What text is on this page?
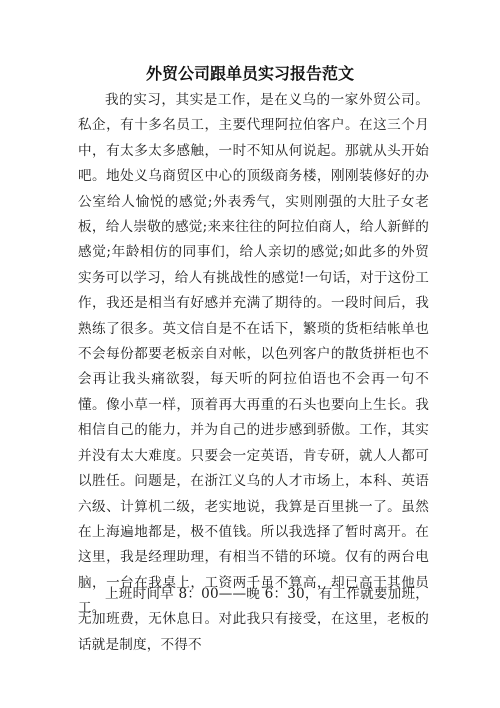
外贸公司跟单员实习报告范文

我的实习，其实是工作，是在义乌的一家外贸公司。私企，有十多名员工，主要代理阿拉伯客户。在这三个月中，有太多太多感触，一时不知从何说起。那就从头开始吧。地处义乌商贸区中心的顶级商务楼，刚刚装修好的办公室给人愉悦的感觉;外表秀气，实则刚强的大肚子女老板，给人崇敬的感觉;来来往往的阿拉伯商人，给人新鲜的感觉;年龄相仿的同事们，给人亲切的感觉;如此多的外贸实务可以学习，给人有挑战性的感觉!一句话，对于这份工作，我还是相当有好感并充满了期待的。一段时间后，我熟练了很多。英文信自是不在话下，繁琐的货柜结帐单也不会每份都要老板亲自对帐，以色列客户的散货拼柜也不会再让我头痛欲裂，每天听的阿拉伯语也不会再一句不懂。像小草一样，顶着再大再重的石头也要向上生长。我相信自己的能力，并为自己的进步感到骄傲。工作，其实并没有太大难度。只要会一定英语，肯专研，就人人都可以胜任。问题是，在浙江义乌的人才市场上，本科、英语六级、计算机二级，老实地说，我算是百里挑一了。虽然在上海遍地都是，极不值钱。所以我选择了暂时离开。在这里，我是经理助理，有相当不错的环境。仅有的两台电脑，一台在我桌上，工资两千虽不算高，却已高于其他员工。

上班时间早 8：00——晚 6：30，有工作就要加班，无加班费，无休息日。对此我只有接受，在这里，老板的话就是制度，不得不
